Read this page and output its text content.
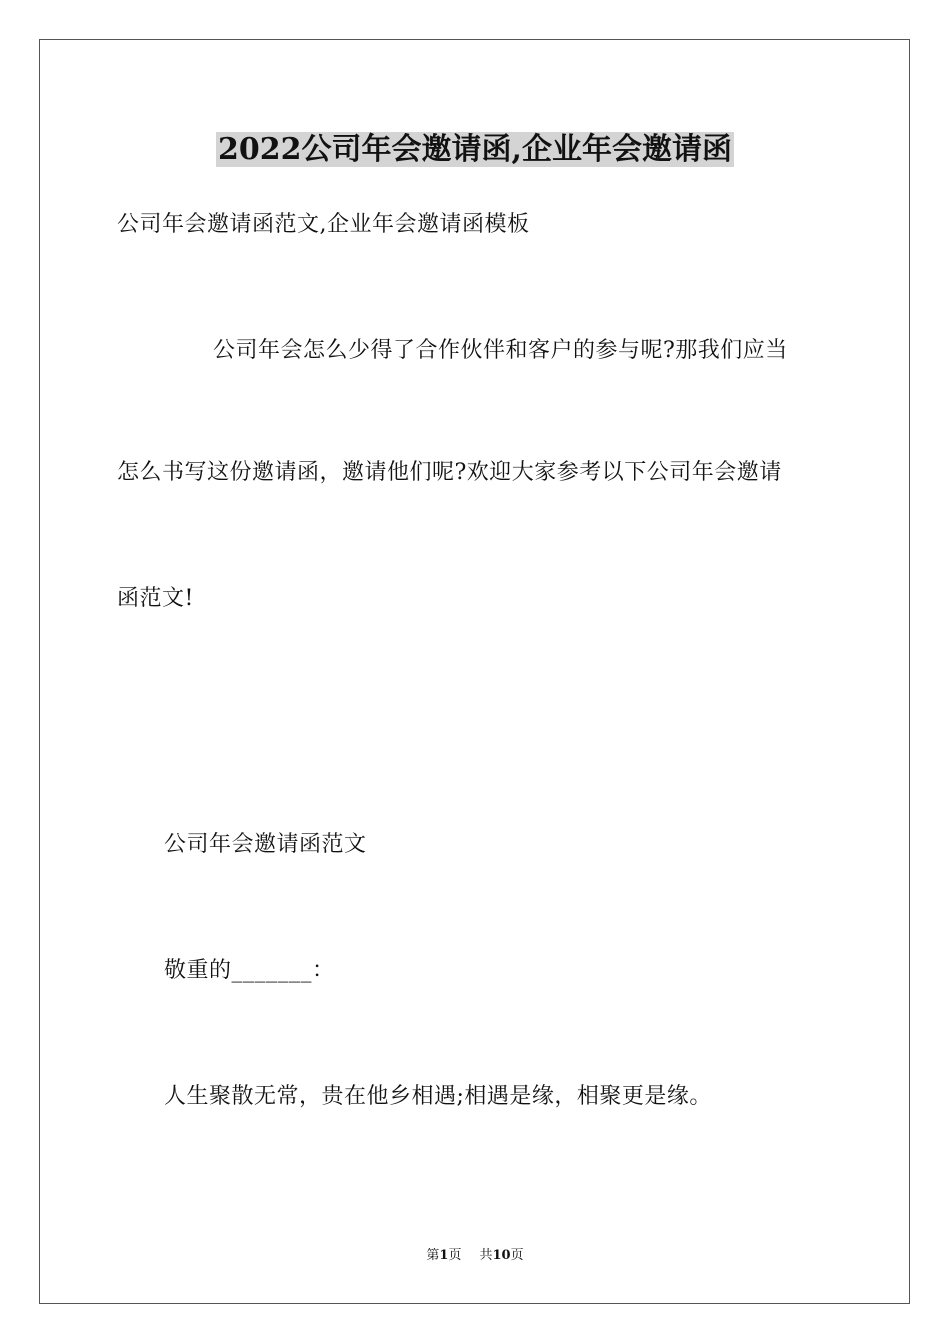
2022公司年会邀请函,企业年会邀请函
公司年会邀请函范文,企业年会邀请函模板
公司年会怎么少得了合作伙伴和客户的参与呢?那我们应当
怎么书写这份邀请函，邀请他们呢?欢迎大家参考以下公司年会邀请
函范文!
公司年会邀请函范文
敬重的_______：
人生聚散无常，贵在他乡相遇;相遇是缘，相聚更是缘。
第1页 共10页
